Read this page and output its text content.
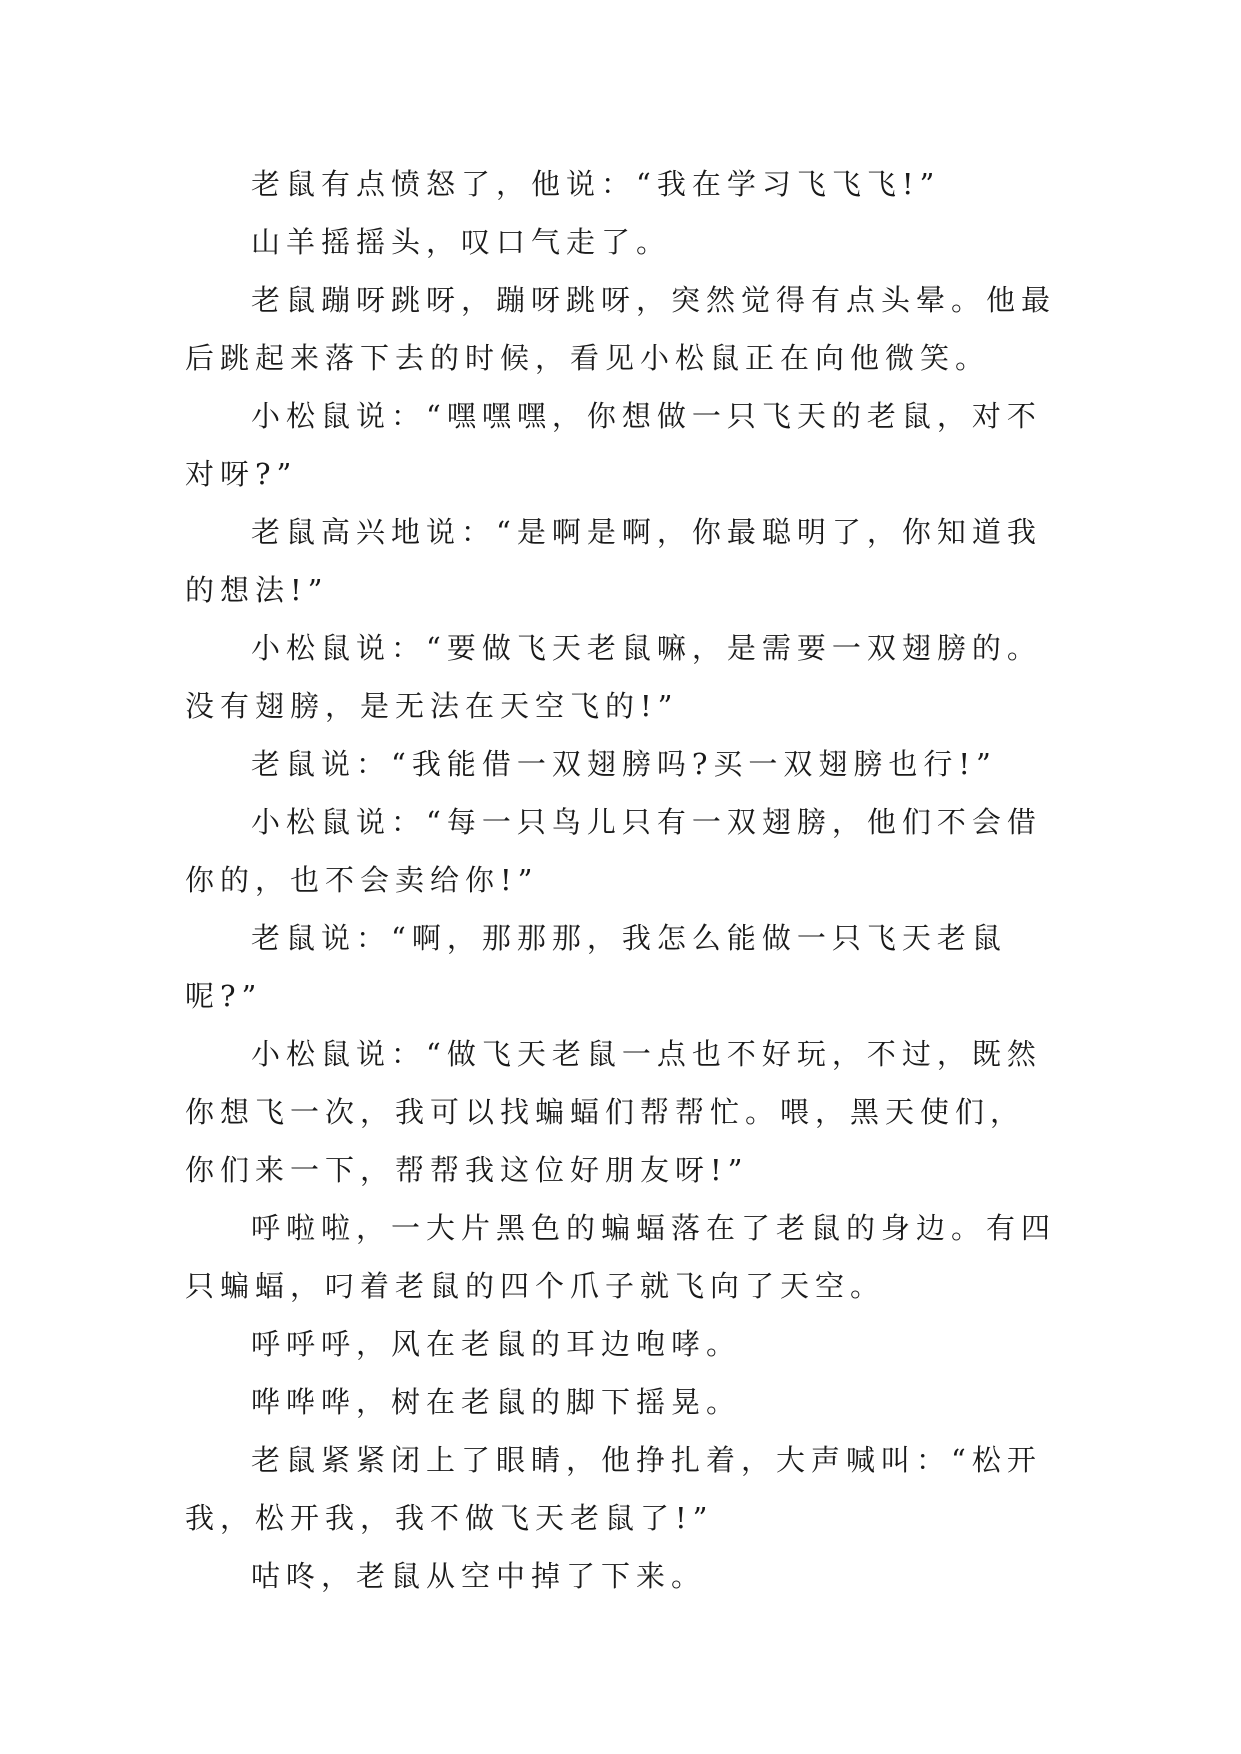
老鼠有点愤怒了，他说：“我在学习飞飞飞!”

山羊摇摇头，叹口气走了。

老鼠蹦呀跳呀，蹦呀跳呀，突然觉得有点头晕。他最后跳起来落下去的时候，看见小松鼠正在向他微笑。

小松鼠说：“嘿嘿嘿，你想做一只飞天的老鼠，对不对呀?”

老鼠高兴地说：“是啊是啊，你最聪明了，你知道我的想法!”

小松鼠说：“要做飞天老鼠嘛，是需要一双翅膀的。没有翅膀，是无法在天空飞的!”

老鼠说：“我能借一双翅膀吗?买一双翅膀也行!”

小松鼠说：“每一只鸟儿只有一双翅膀，他们不会借你的，也不会卖给你!”

老鼠说：“啊，那那那，我怎么能做一只飞天老鼠呢?”

小松鼠说：“做飞天老鼠一点也不好玩，不过，既然你想飞一次，我可以找蝙蝠们帮帮忙。喂，黑天使们，你们来一下，帮帮我这位好朋友呀!”

呼啦啦，一大片黑色的蝙蝠落在了老鼠的身边。有四只蝙蝠，叼着老鼠的四个爪子就飞向了天空。

呼呼呼，风在老鼠的耳边咆哮。

哗哗哗，树在老鼠的脚下摇晃。

老鼠紧紧闭上了眼睛，他挣扎着，大声喊叫：“松开我，松开我，我不做飞天老鼠了!”

咕咚，老鼠从空中掉了下来。
